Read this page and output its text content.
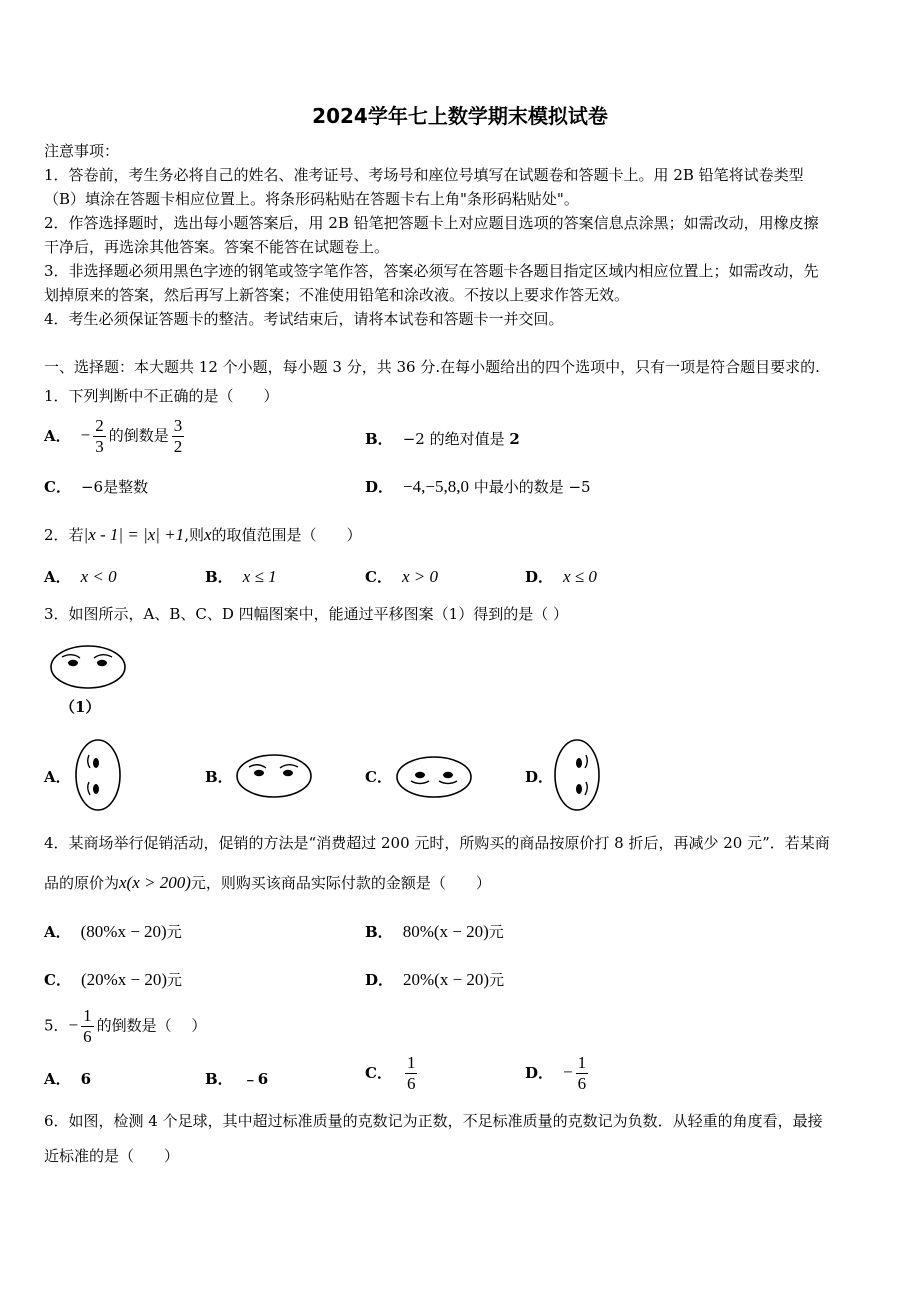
2024学年七上数学期末模拟试卷
注意事项：
1．答卷前，考生务必将自己的姓名、准考证号、考场号和座位号填写在试题卷和答题卡上。用 2B 铅笔将试卷类型
（B）填涂在答题卡相应位置上。将条形码粘贴在答题卡右上角"条形码粘贴处"。
2．作答选择题时，选出每小题答案后，用 2B 铅笔把答题卡上对应题目选项的答案信息点涂黑；如需改动，用橡皮擦
干净后，再选涂其他答案。答案不能答在试题卷上。
3．非选择题必须用黑色字迹的钢笔或签字笔作答，答案必须写在答题卡各题目指定区域内相应位置上；如需改动，先
划掉原来的答案，然后再写上新答案；不准使用铅笔和涂改液。不按以上要求作答无效。
4．考生必须保证答题卡的整洁。考试结束后，请将本试卷和答题卡一并交回。
一、选择题：本大题共 12 个小题，每小题 3 分，共 36 分.在每小题给出的四个选项中，只有一项是符合题目要求的.
1．下列判断中不正确的是（　　）
A． − $\frac{2}{3}$ 的倒数是 $\frac{3}{2}$	B． −2 的绝对值是 2
C． −6是整数	D． −4,−5,8,0 中最小的数是 −5
2．若|x - 1| = |x| +1,则x的取值范围是（　　）
A． x < 0	B． x ≤ 1	C． x > 0	D． x ≤ 0
3．如图所示，A、B、C、D 四幅图案中，能通过平移图案（1）得到的是（ ）
（1）
A．	B．	C．	D．
4．某商场举行促销活动，促销的方法是“消费超过 200 元时，所购买的商品按原价打 8 折后，再减少 20 元”．若某商
品的原价为x(x > 200)元，则购买该商品实际付款的金额是（　　）
A． (80%x − 20)元	B． 80%(x − 20)元
C． (20%x − 20)元	D． 20%(x − 20)元
5．− $\frac{1}{6}$ 的倒数是（　 ）
A． 6	B． ﹣6	C． $\frac{1}{6}$	D． − $\frac{1}{6}$
6．如图，检测 4 个足球，其中超过标准质量的克数记为正数，不足标准质量的克数记为负数．从轻重的角度看，最接
近标准的是（　　）
